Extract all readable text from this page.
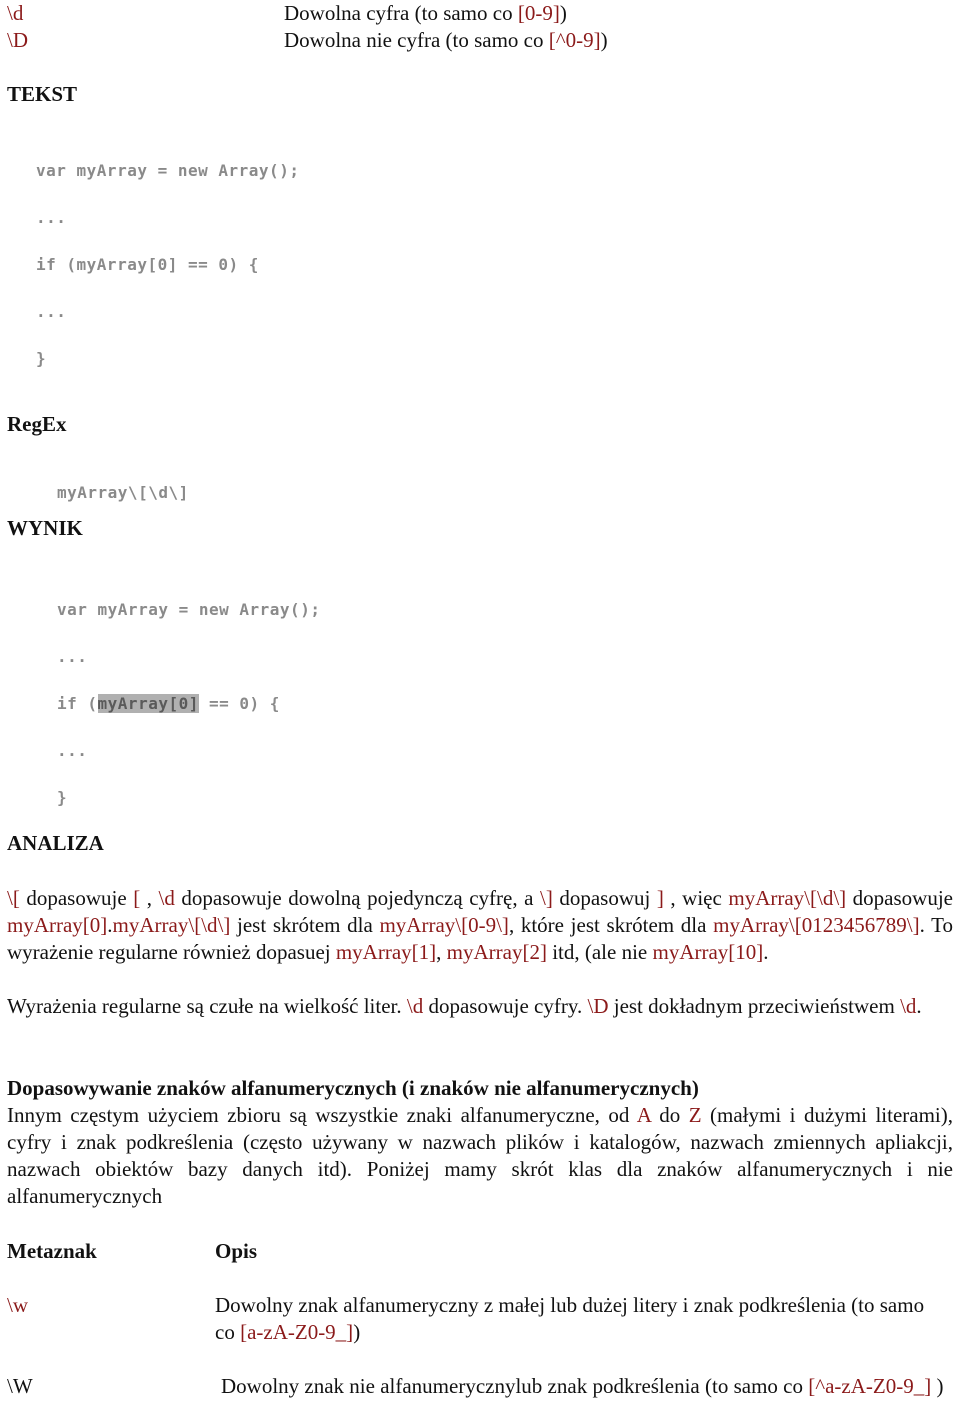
\d	Dowolna cyfra (to samo co [0-9])
\D	Dowolna nie cyfra (to samo co [^0-9])
TEKST
var myArray = new Array();
...
if (myArray[0] == 0) {
...
}
RegEx
myArray\[\d\]
WYNIK
var myArray = new Array();
...
if (myArray[0] == 0) {
...
}
ANALIZA
\[ dopasowuje [ , \d dopasowuje dowolną pojedynczą cyfrę, a \] dopasowuj ] , więc myArray\[\d\] dopasowuje myArray[0].myArray\[\d\] jest skrótem dla myArray\[0-9\], które jest skrótem dla myArray\[0123456789\]. To wyrażenie regularne również dopasuej myArray[1], myArray[2] itd, (ale nie myArray[10].
Wyrażenia regularne są czułe na wielkość liter. \d dopasowuje cyfry. \D jest dokładnym przeciwieństwem \d.
Dopasowywanie znaków alfanumerycznych (i znaków nie alfanumerycznych)
Innym częstym użyciem zbioru są wszystkie znaki alfanumeryczne, od A do Z (małymi i dużymi literami), cyfry i znak podkreślenia (często używany w nazwach plików i katalogów, nazwach zmiennych apliakcji, nazwach obiektów bazy danych itd). Poniżej mamy skrót klas dla znaków alfanumerycznych i nie alfanumerycznych
Metaznak	Opis
\w	Dowolny znak alfanumeryczny z małej lub dużej litery i znak podkreślenia (to samo co [a-zA-Z0-9_])
\W	Dowolny znak nie alfanumerycznylub znak podkreślenia (to samo co [^a-zA-Z0-9_] )
